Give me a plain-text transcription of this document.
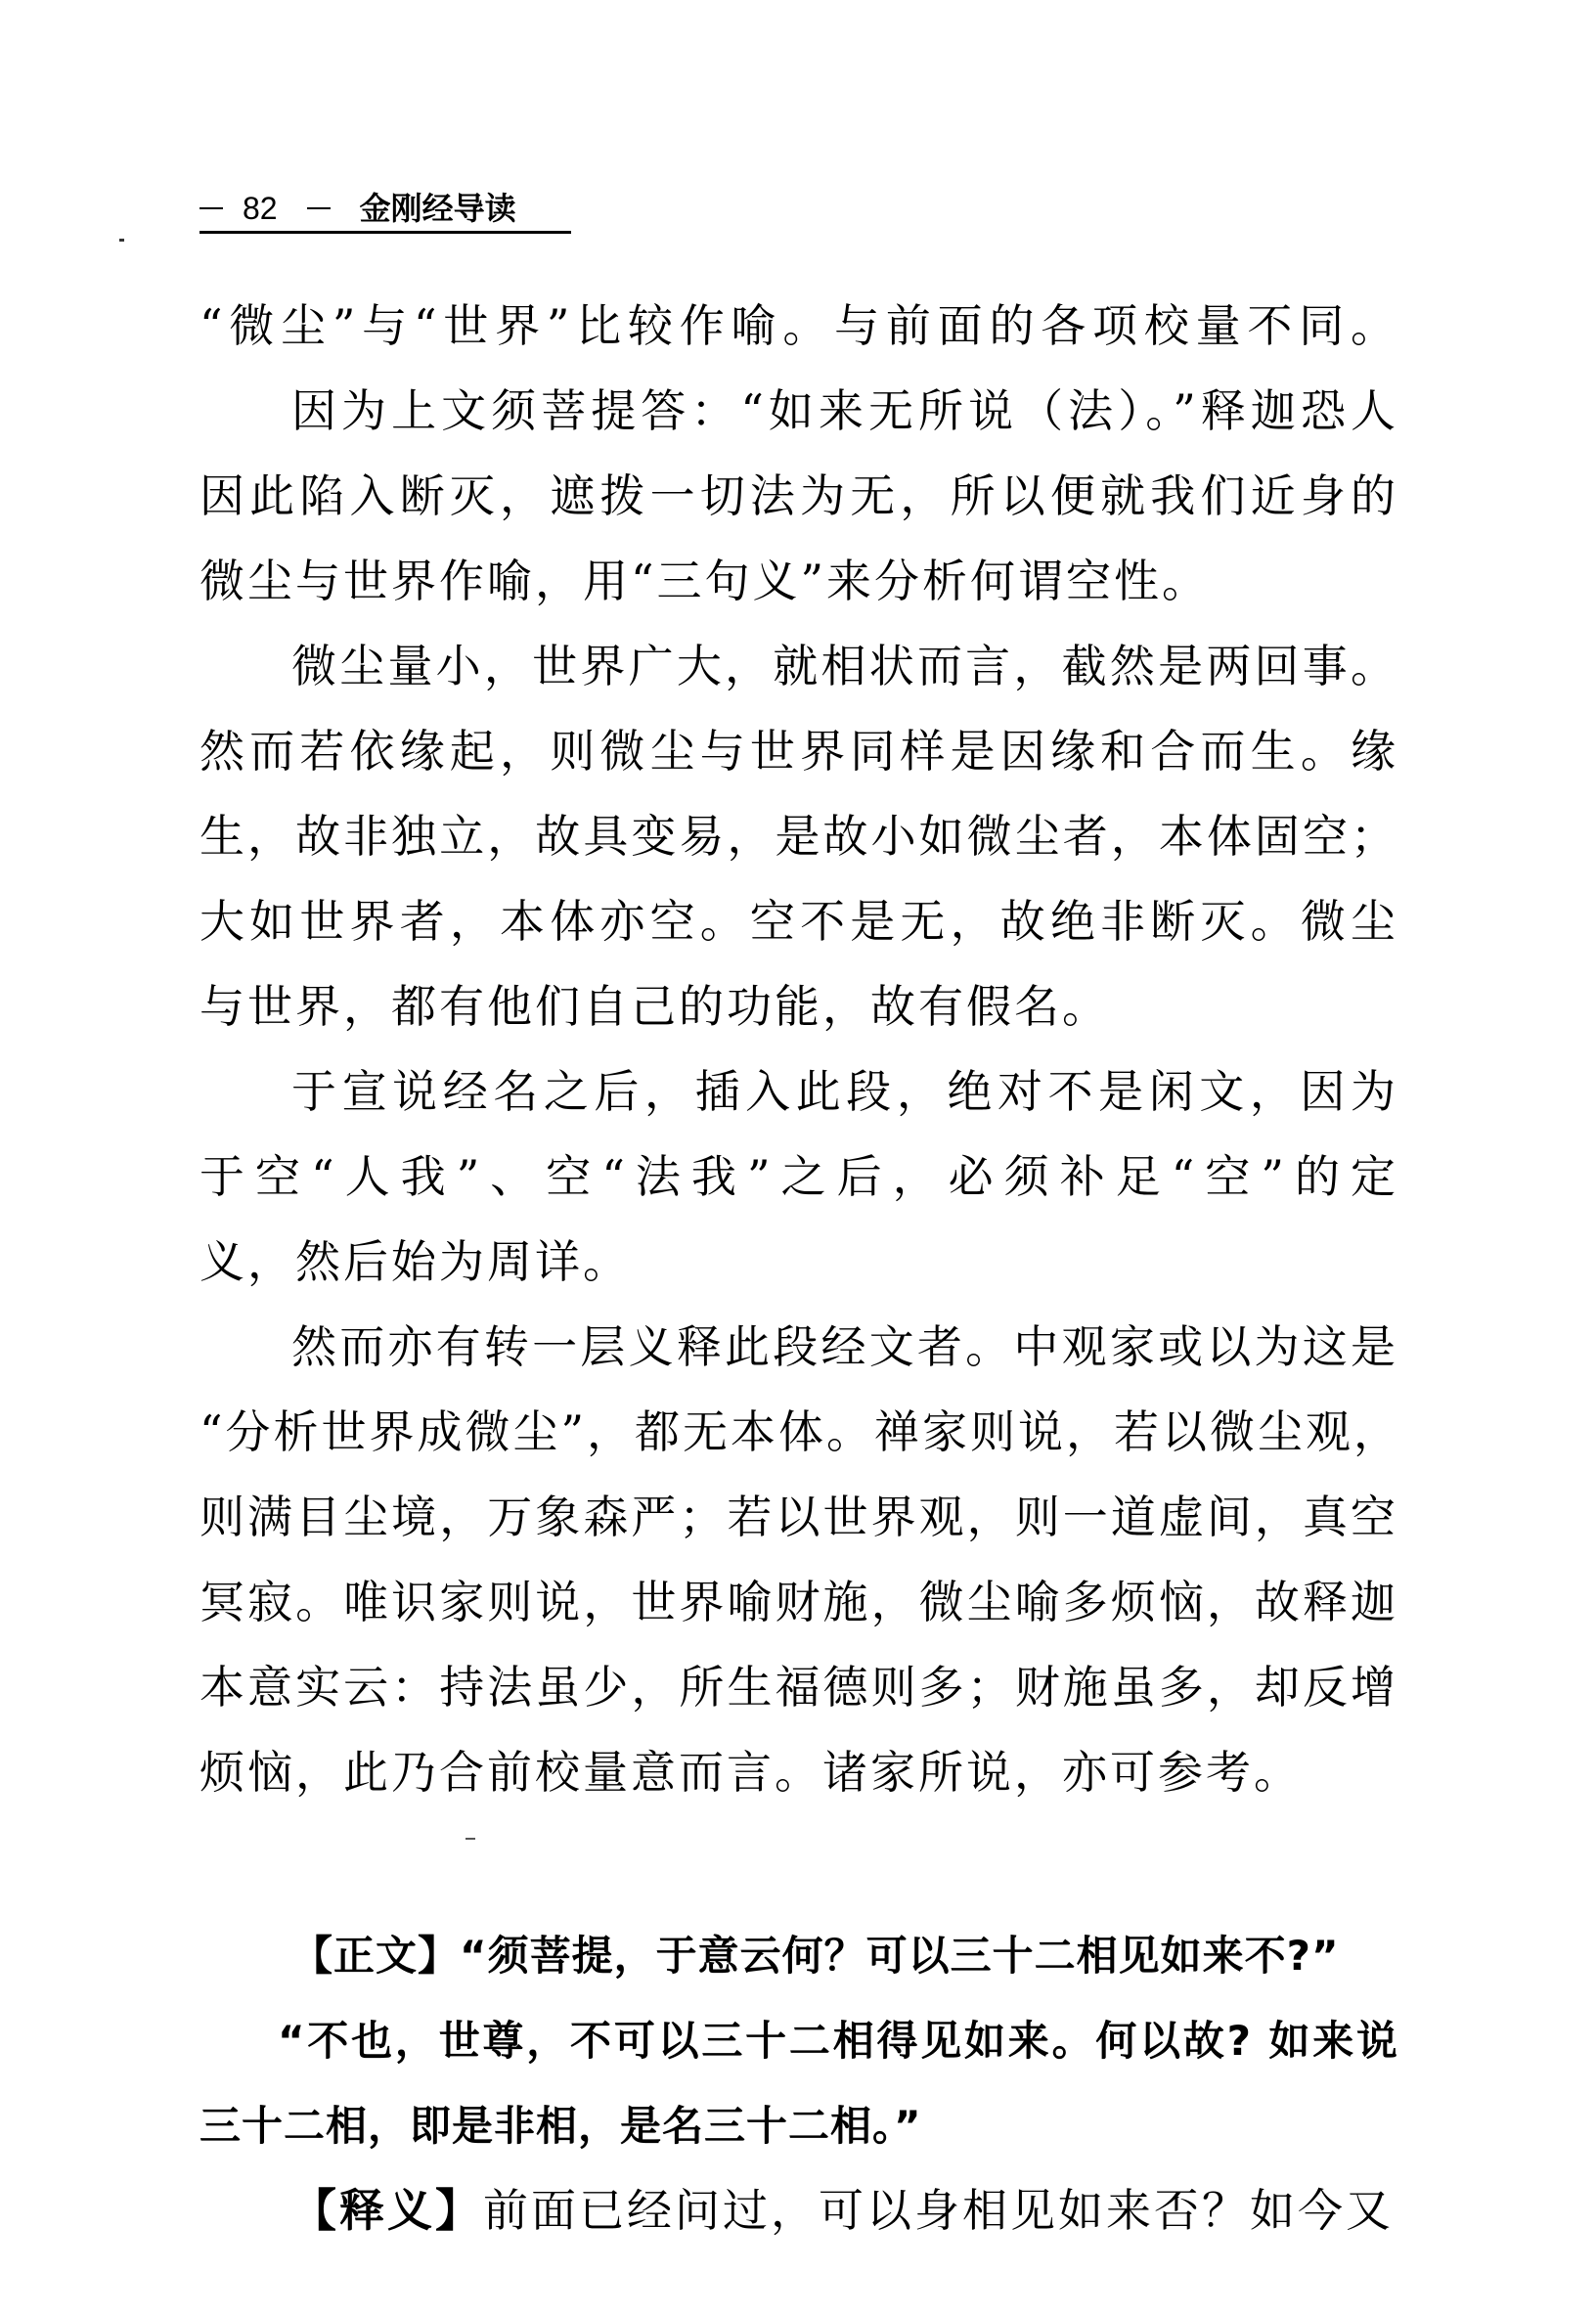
82	金刚经导读
“微尘”与“世界”比较作喻。与前面的各项校量不同。
因为上文须菩提答：“如来无所说（法）。”释迦恐人
因此陷入断灭，遮拨一切法为无，所以便就我们近身的
微尘与世界作喻，用“三句义”来分析何谓空性。
微尘量小，世界广大，就相状而言，截然是两回事。
然而若依缘起，则微尘与世界同样是因缘和合而生。缘
生，故非独立，故具变易，是故小如微尘者，本体固空；
大如世界者，本体亦空。空不是无，故绝非断灭。微尘
与世界，都有他们自己的功能，故有假名。
于宣说经名之后，插入此段，绝对不是闲文，因为
于空“人我”、空“法我”之后，必须补足“空”的定
义，然后始为周详。
然而亦有转一层义释此段经文者。中观家或以为这是
“分析世界成微尘”，都无本体。禅家则说，若以微尘观，
则满目尘境，万象森严；若以世界观，则一道虚间，真空
冥寂。唯识家则说，世界喻财施，微尘喻多烦恼，故释迦
本意实云：持法虽少，所生福德则多；财施虽多，却反增
烦恼，此乃合前校量意而言。诸家所说，亦可参考。
【正文】“须菩提，于意云何？可以三十二相见如来不?”
“不也，世尊，不可以三十二相得见如来。何以故? 如来说
三十二相，即是非相，是名三十二相。”
【释义】前面已经问过，可以身相见如来否？如今又
